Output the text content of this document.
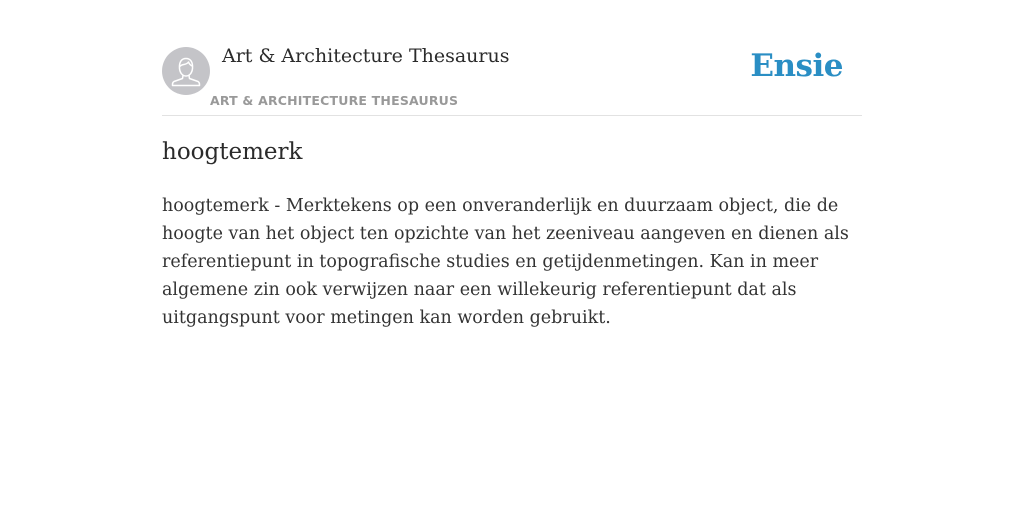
Art & Architecture Thesaurus

ART & ARCHITECTURE THESAURUS
Ensie
hoogtemerk

hoogtemerk - Merktekens op een onveranderlijk en duurzaam object, die de hoogte van het object ten opzichte van het zeeniveau aangeven en dienen als referentiepunt in topografische studies en getijdenmetingen. Kan in meer algemene zin ook verwijzen naar een willekeurig referentiepunt dat als uitgangspunt voor metingen kan worden gebruikt.
